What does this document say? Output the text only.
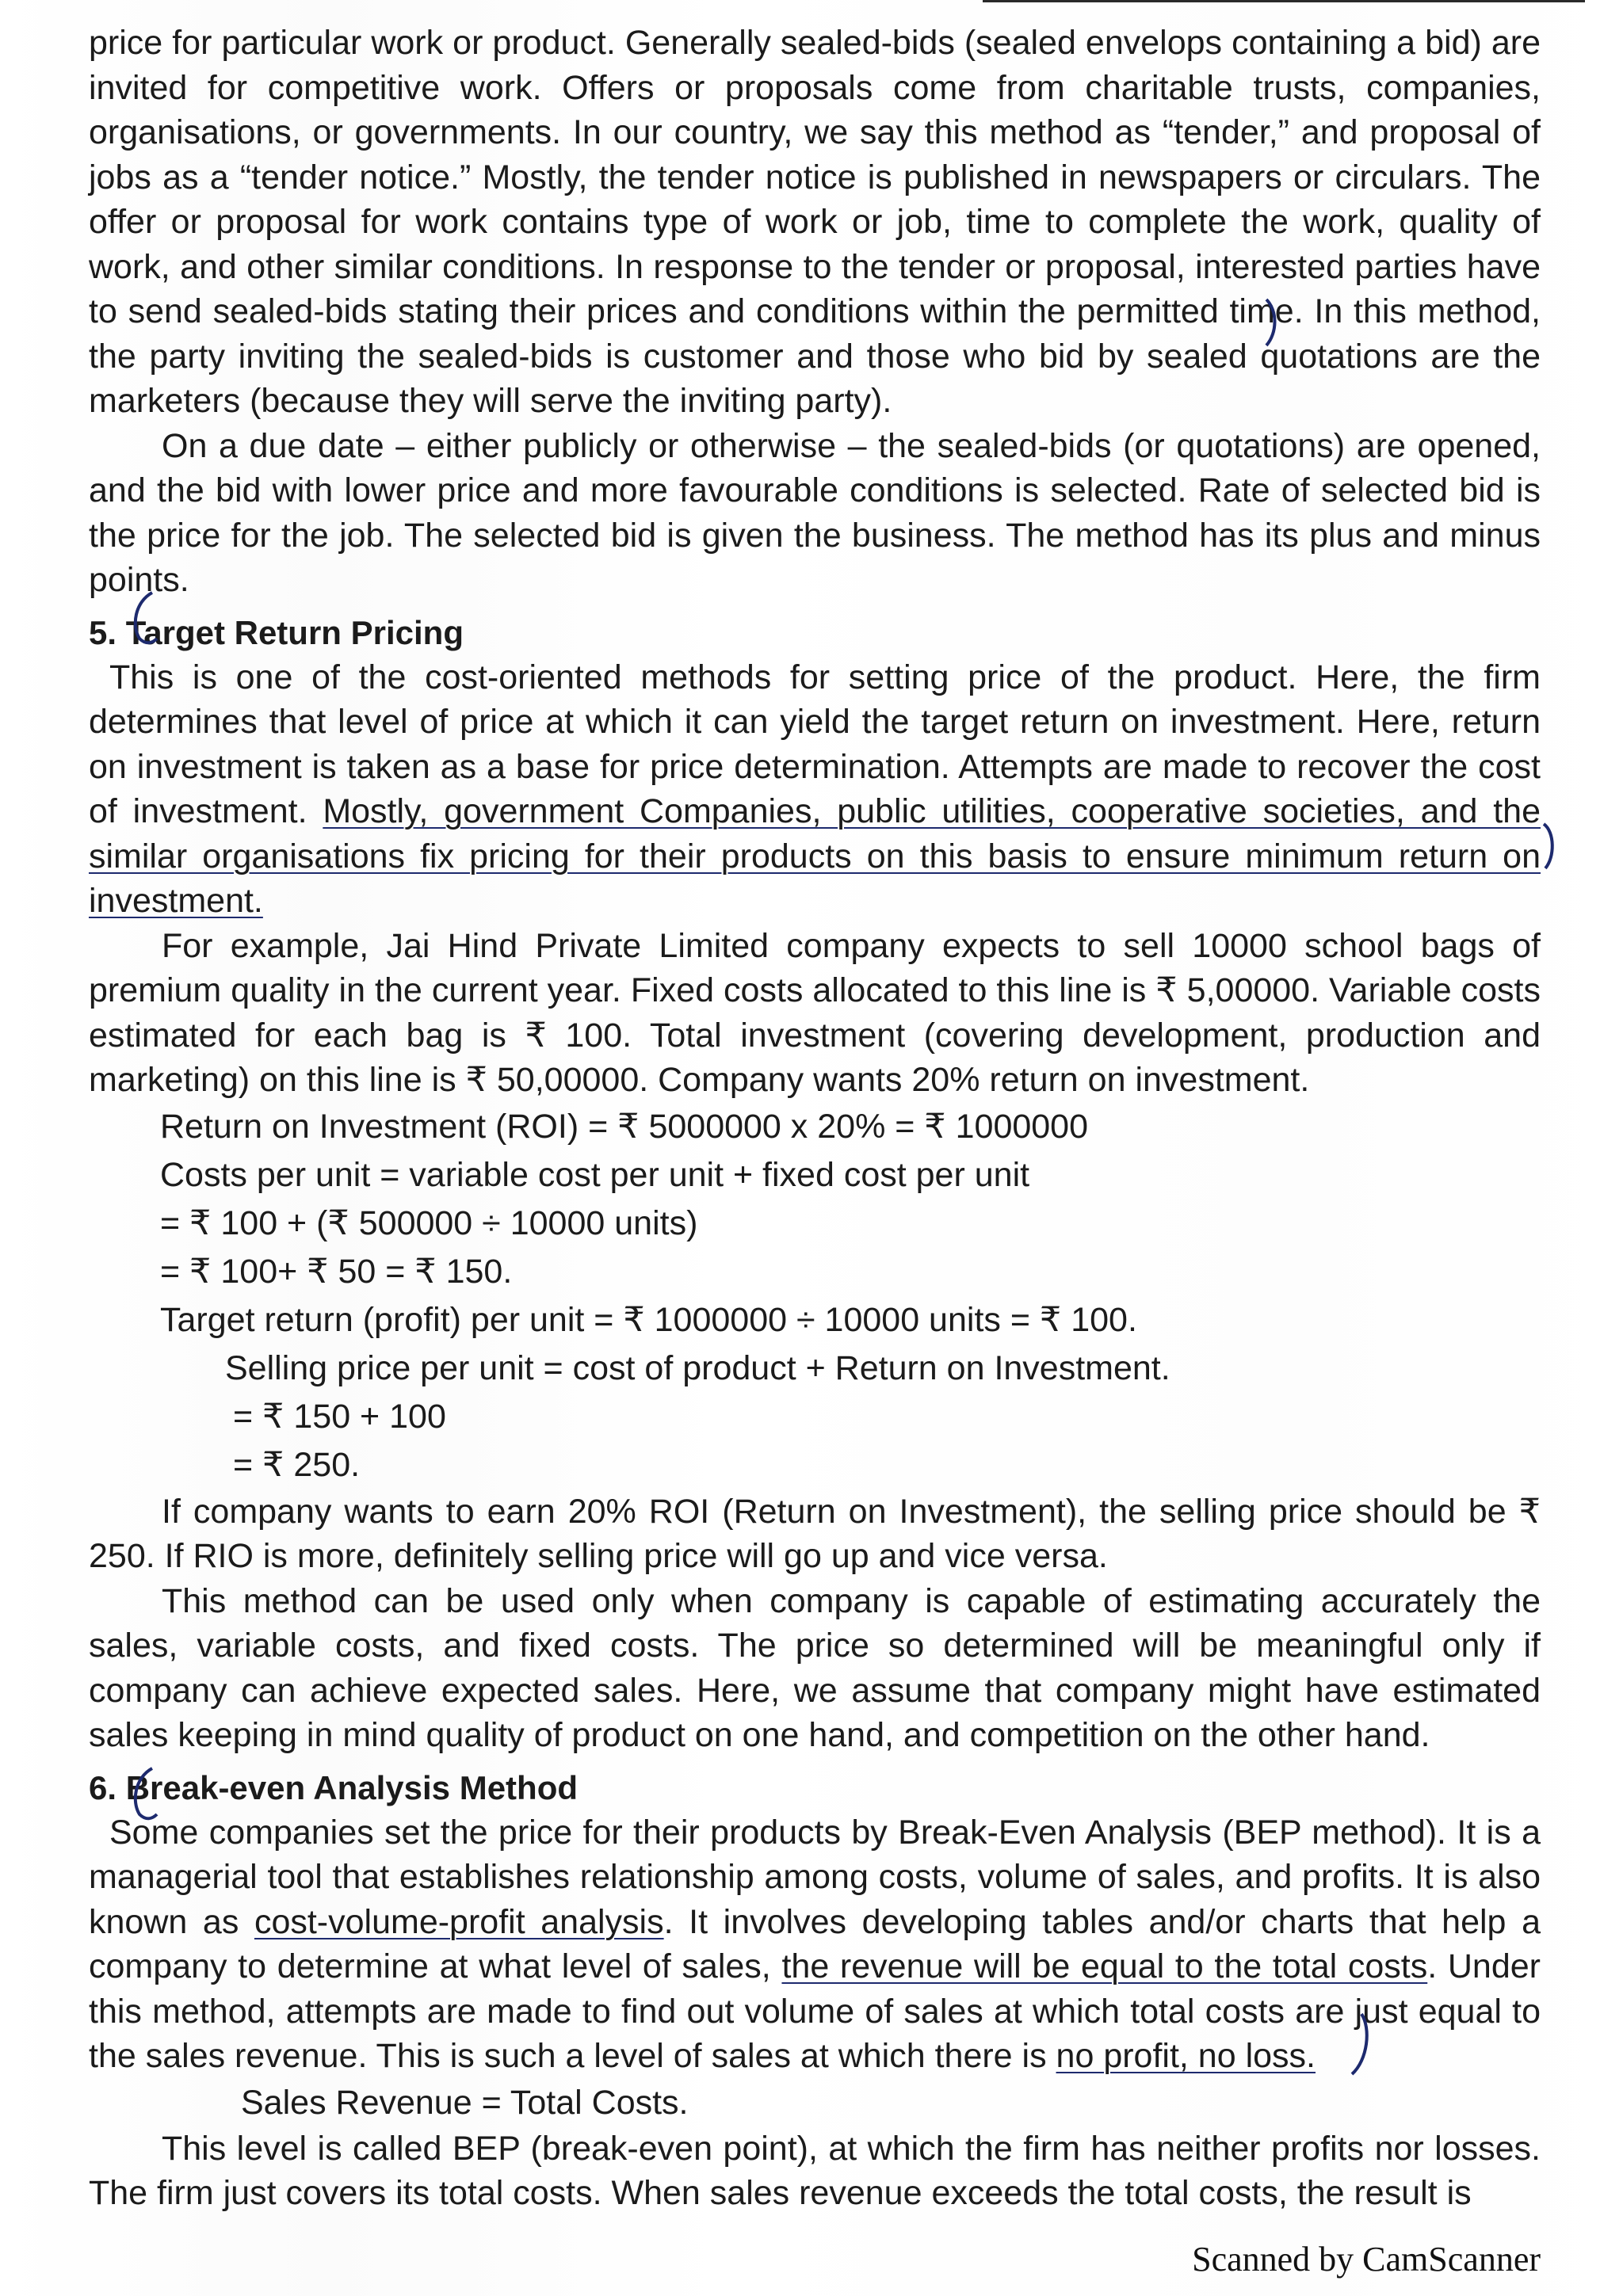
price for particular work or product. Generally sealed-bids (sealed envelops containing a bid) are invited for competitive work. Offers or proposals come from charitable trusts, companies, organisations, or governments. In our country, we say this method as “tender,” and proposal of jobs as a “tender notice.” Mostly, the tender notice is published in newspapers or circulars. The offer or proposal for work contains type of work or job, time to complete the work, quality of work, and other similar conditions. In response to the tender or proposal, interested parties have to send sealed-bids stating their prices and conditions within the permitted time. In this method, the party inviting the sealed-bids is customer and those who bid by sealed quotations are the marketers (because they will serve the inviting party).

On a due date – either publicly or otherwise – the sealed-bids (or quotations) are opened, and the bid with lower price and more favourable conditions is selected. Rate of selected bid is the price for the job. The selected bid is given the business. The method has its plus and minus points.

5. Target Return Pricing

This is one of the cost-oriented methods for setting price of the product. Here, the firm determines that level of price at which it can yield the target return on investment. Here, return on investment is taken as a base for price determination. Attempts are made to recover the cost of investment. Mostly, government Companies, public utilities, cooperative societies, and the similar organisations fix pricing for their products on this basis to ensure minimum return on investment.

For example, Jai Hind Private Limited company expects to sell 10000 school bags of premium quality in the current year. Fixed costs allocated to this line is ₹ 5,00000. Variable costs estimated for each bag is ₹ 100. Total investment (covering development, production and marketing) on this line is ₹ 50,00000. Company wants 20% return on investment.

Return on Investment (ROI) = ₹ 5000000 x 20% = ₹ 1000000
Costs per unit = variable cost per unit + fixed cost per unit
= ₹ 100 + (₹ 500000 ÷ 10000 units)
= ₹ 100+ ₹ 50 = ₹ 150.
Target return (profit) per unit = ₹ 1000000 ÷ 10000 units = ₹ 100.
Selling price per unit = cost of product + Return on Investment.
= ₹ 150 + 100
= ₹ 250.

If company wants to earn 20% ROI (Return on Investment), the selling price should be ₹ 250. If RIO is more, definitely selling price will go up and vice versa.

This method can be used only when company is capable of estimating accurately the sales, variable costs, and fixed costs. The price so determined will be meaningful only if company can achieve expected sales. Here, we assume that company might have estimated sales keeping in mind quality of product on one hand, and competition on the other hand.

6. Break-even Analysis Method

Some companies set the price for their products by Break-Even Analysis (BEP method). It is a managerial tool that establishes relationship among costs, volume of sales, and profits. It is also known as cost-volume-profit analysis. It involves developing tables and/or charts that help a company to determine at what level of sales, the revenue will be equal to the total costs. Under this method, attempts are made to find out volume of sales at which total costs are just equal to the sales revenue. This is such a level of sales at which there is no profit, no loss.

Sales Revenue = Total Costs.

This level is called BEP (break-even point), at which the firm has neither profits nor losses. The firm just covers its total costs. When sales revenue exceeds the total costs, the result is

Scanned by CamScanner
